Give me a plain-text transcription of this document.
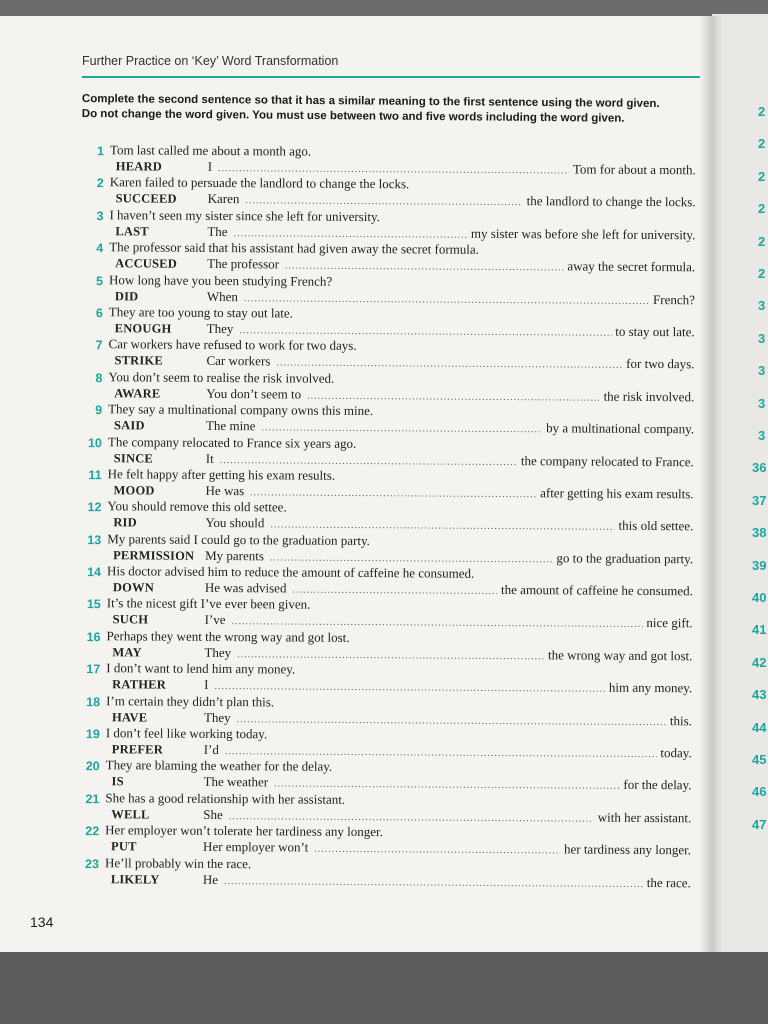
2
2
2
2
2
2
3
3
3
3
3
36
37
38
39
40
41
42
43
44
45
46
47
Further Practice on ‘Key’ Word Transformation
Complete the second sentence so that it has a similar meaning to the first sentence using the word given.
Do not change the word given. You must use between two and five words including the word given.
1 Tom last called me about a month ago.
HEARD	I .....	Tom for about a month.
2 Karen failed to persuade the landlord to change the locks.
SUCCEED	Karen .....	the landlord to change the locks.
3 I haven’t seen my sister since she left for university.
LAST	The .....	my sister was before she left for university.
4 The professor said that his assistant had given away the secret formula.
ACCUSED	The professor .....	away the secret formula.
5 How long have you been studying French?
DID	When .....	French?
6 They are too young to stay out late.
ENOUGH	They .....	to stay out late.
7 Car workers have refused to work for two days.
STRIKE	Car workers .....	for two days.
8 You don’t seem to realise the risk involved.
AWARE	You don’t seem to .....	the risk involved.
9 They say a multinational company owns this mine.
SAID	The mine .....	by a multinational company.
10 The company relocated to France six years ago.
SINCE	It .....	the company relocated to France.
11 He felt happy after getting his exam results.
MOOD	He was .....	after getting his exam results.
12 You should remove this old settee.
RID	You should .....	this old settee.
13 My parents said I could go to the graduation party.
PERMISSION My parents .....	go to the graduation party.
14 His doctor advised him to reduce the amount of caffeine he consumed.
DOWN	He was advised .....	the amount of caffeine he consumed.
15 It’s the nicest gift I’ve ever been given.
SUCH	I’ve .....	nice gift.
16 Perhaps they went the wrong way and got lost.
MAY	They .....	the wrong way and got lost.
17 I don’t want to lend him any money.
RATHER	I .....	him any money.
18 I’m certain they didn’t plan this.
HAVE	They .....	this.
19 I don’t feel like working today.
PREFER	I’d .....	today.
20 They are blaming the weather for the delay.
IS	The weather .....	for the delay.
21 She has a good relationship with her assistant.
WELL	She .....	with her assistant.
22 Her employer won’t tolerate her tardiness any longer.
PUT	Her employer won’t .....	her tardiness any longer.
23 He’ll probably win the race.
LIKELY	He .....	the race.
134
